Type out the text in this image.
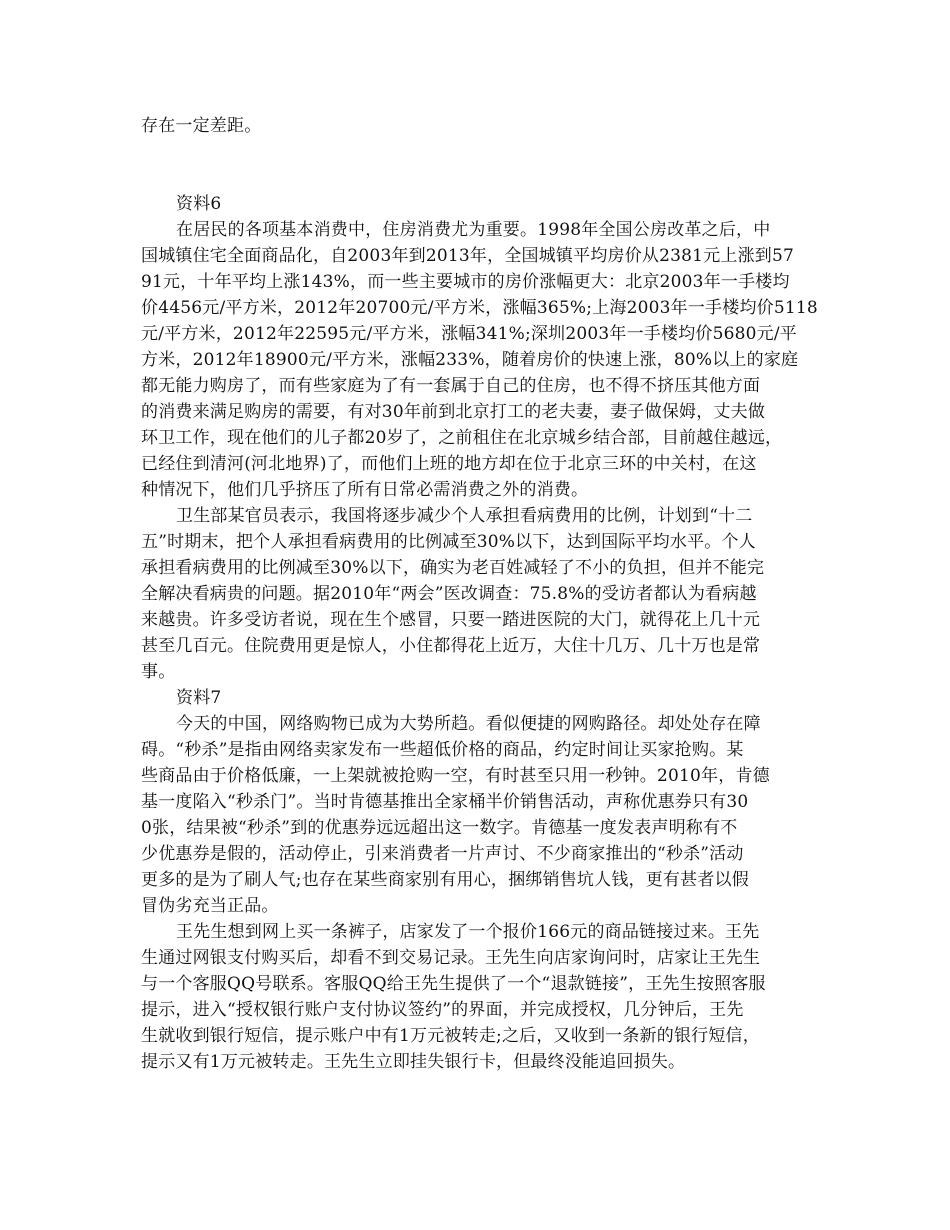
存在一定差距。
资料6
在居民的各项基本消费中，住房消费尤为重要。1998年全国公房改革之后，中
国城镇住宅全面商品化，自2003年到2013年，全国城镇平均房价从2381元上涨到57
91元，十年平均上涨143%，而一些主要城市的房价涨幅更大：北京2003年一手楼均
价4456元/平方米，2012年20700元/平方米，涨幅365%;上海2003年一手楼均价5118
元/平方米，2012年22595元/平方米，涨幅341%;深圳2003年一手楼均价5680元/平
方米，2012年18900元/平方米，涨幅233%，随着房价的快速上涨，80%以上的家庭
都无能力购房了，而有些家庭为了有一套属于自己的住房，也不得不挤压其他方面
的消费来满足购房的需要，有对30年前到北京打工的老夫妻，妻子做保姆，丈夫做
环卫工作，现在他们的儿子都20岁了，之前租住在北京城乡结合部，目前越住越远，
已经住到清河(河北地界)了，而他们上班的地方却在位于北京三环的中关村，在这
种情况下，他们几乎挤压了所有日常必需消费之外的消费。
卫生部某官员表示，我国将逐步减少个人承担看病费用的比例，计划到“十二
五”时期末，把个人承担看病费用的比例减至30%以下，达到国际平均水平。个人
承担看病费用的比例减至30%以下，确实为老百姓减轻了不小的负担，但并不能完
全解决看病贵的问题。据2010年“两会”医改调查：75.8%的受访者都认为看病越
来越贵。许多受访者说，现在生个感冒，只要一踏进医院的大门，就得花上几十元
甚至几百元。住院费用更是惊人，小住都得花上近万，大住十几万、几十万也是常
事。
资料7
今天的中国，网络购物已成为大势所趋。看似便捷的网购路径。却处处存在障
碍。“秒杀”是指由网络卖家发布一些超低价格的商品，约定时间让买家抢购。某
些商品由于价格低廉，一上架就被抢购一空，有时甚至只用一秒钟。2010年，肯德
基一度陷入“秒杀门”。当时肯德基推出全家桶半价销售活动，声称优惠券只有30
0张，结果被“秒杀”到的优惠券远远超出这一数字。肯德基一度发表声明称有不
少优惠券是假的，活动停止，引来消费者一片声讨、不少商家推出的“秒杀”活动
更多的是为了刷人气;也存在某些商家别有用心，捆绑销售坑人钱，更有甚者以假
冒伪劣充当正品。
王先生想到网上买一条裤子，店家发了一个报价166元的商品链接过来。王先
生通过网银支付购买后，却看不到交易记录。王先生向店家询问时，店家让王先生
与一个客服QQ号联系。客服QQ给王先生提供了一个“退款链接”，王先生按照客服
提示，进入“授权银行账户支付协议签约”的界面，并完成授权，几分钟后，王先
生就收到银行短信，提示账户中有1万元被转走;之后，又收到一条新的银行短信，
提示又有1万元被转走。王先生立即挂失银行卡，但最终没能追回损失。
